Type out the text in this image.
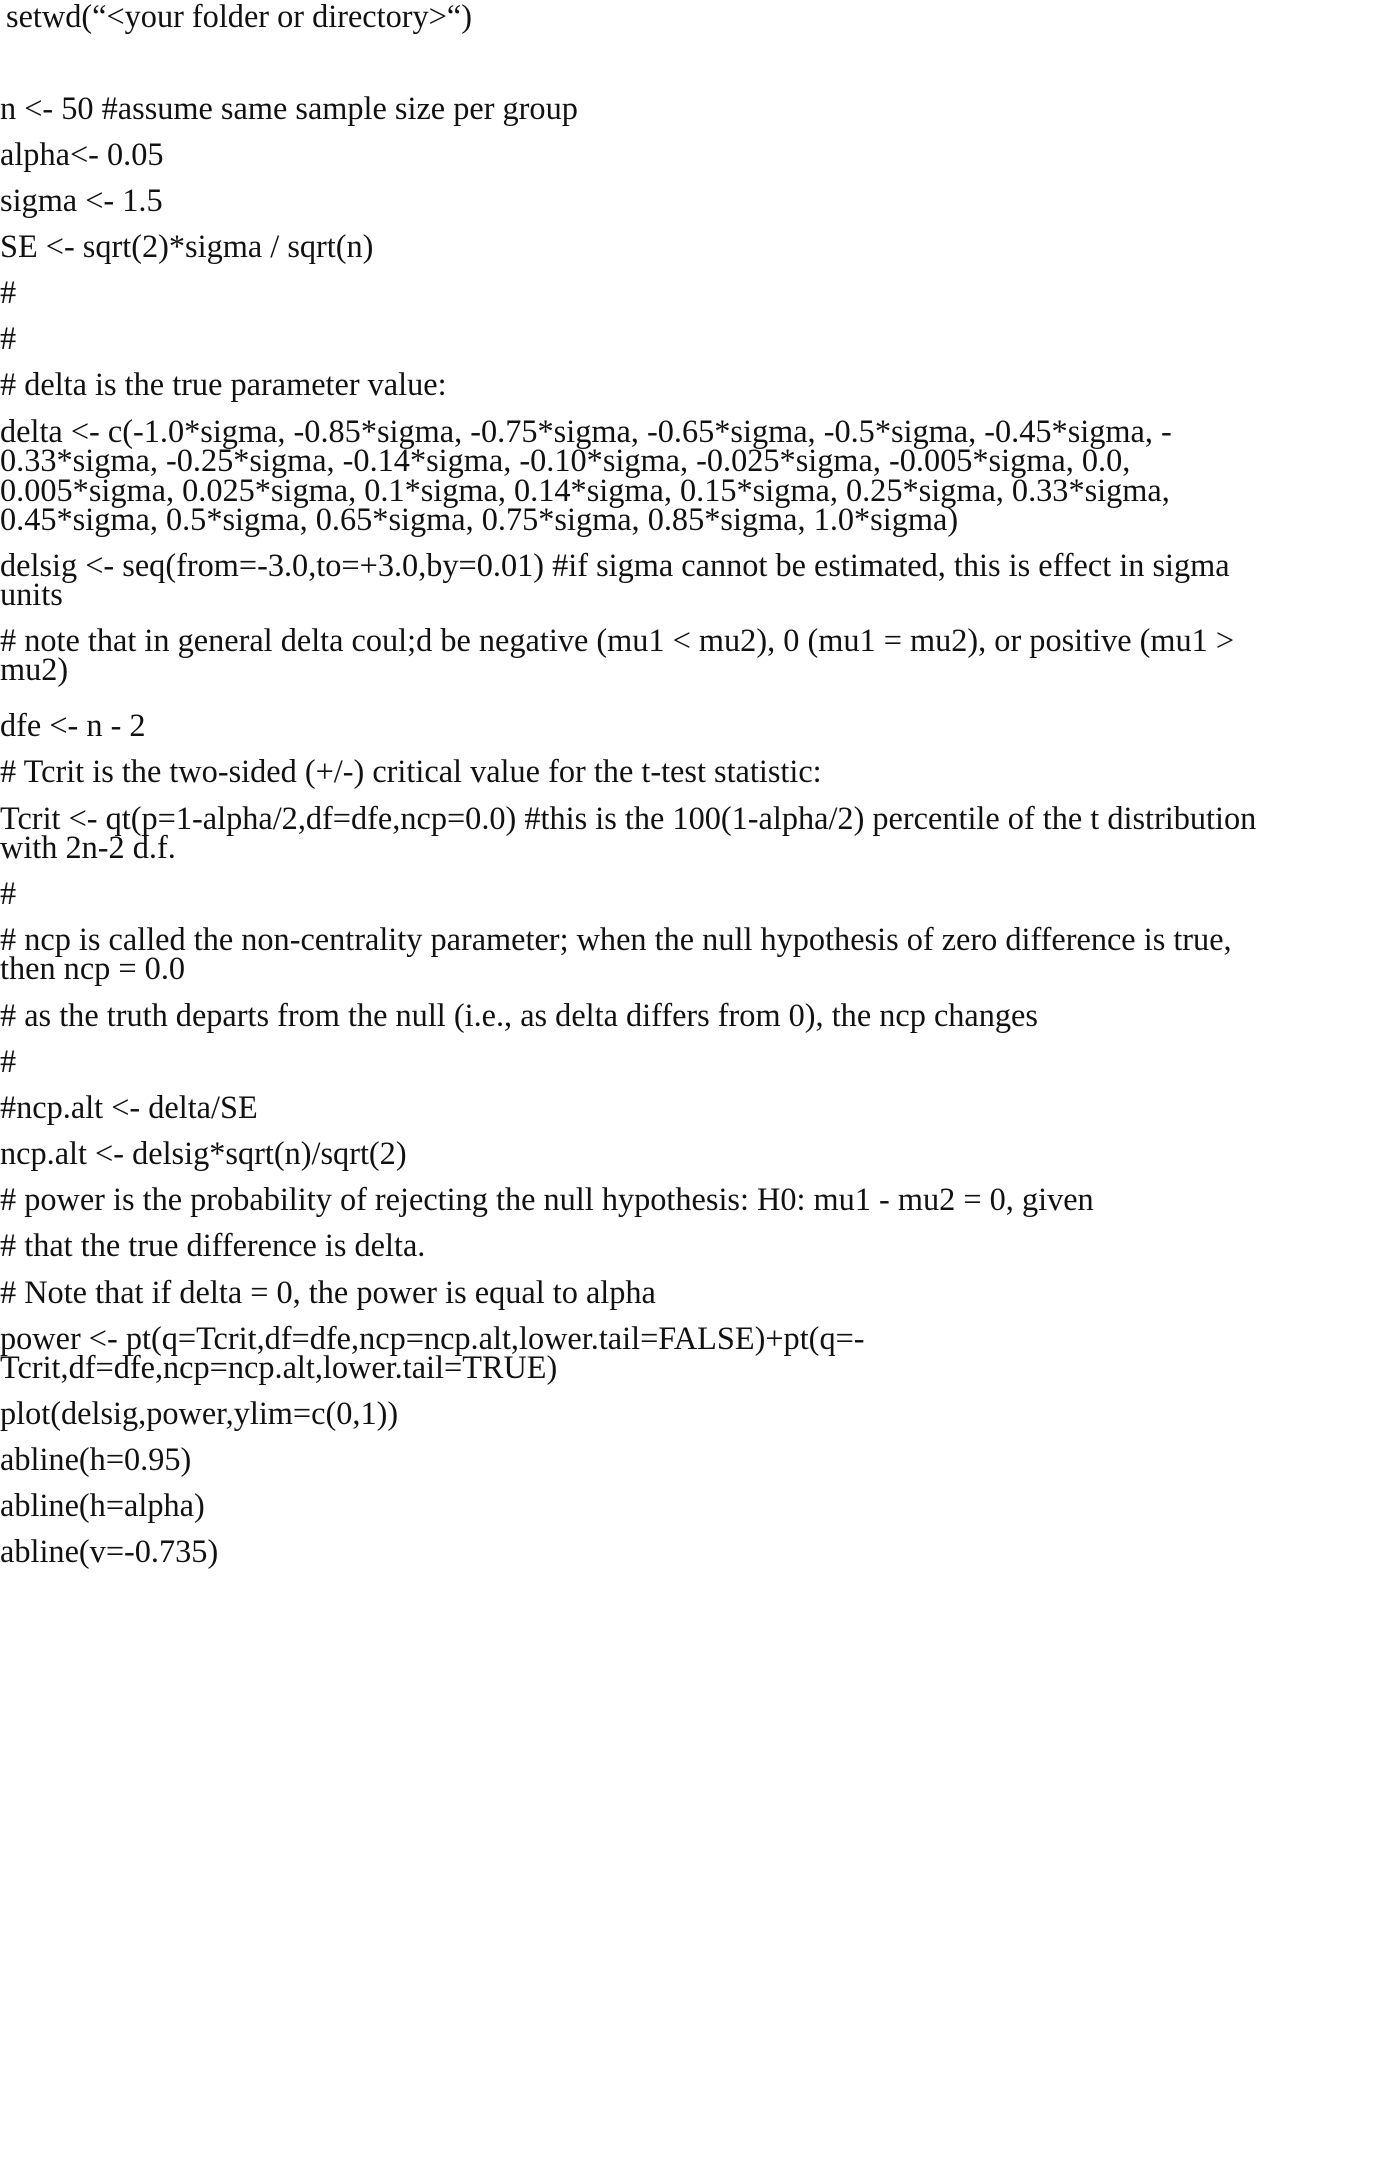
setwd(“<your folder or directory>“)
n <- 50 #assume same sample size per group
alpha<- 0.05
sigma <- 1.5
SE <- sqrt(2)*sigma / sqrt(n)
#
#
# delta is the true parameter value:
delta <- c(-1.0*sigma, -0.85*sigma, -0.75*sigma, -0.65*sigma, -0.5*sigma, -0.45*sigma, -
0.33*sigma, -0.25*sigma, -0.14*sigma, -0.10*sigma, -0.025*sigma, -0.005*sigma, 0.0,
0.005*sigma, 0.025*sigma, 0.1*sigma, 0.14*sigma, 0.15*sigma, 0.25*sigma, 0.33*sigma,
0.45*sigma, 0.5*sigma, 0.65*sigma, 0.75*sigma, 0.85*sigma, 1.0*sigma)
delsig <- seq(from=-3.0,to=+3.0,by=0.01) #if sigma cannot be estimated, this is effect in sigma
units
# note that in general delta coul;d be negative (mu1 < mu2), 0 (mu1 = mu2), or positive (mu1 >
mu2)
dfe <- n - 2
# Tcrit is the two-sided (+/-) critical value for the t-test statistic:
Tcrit <- qt(p=1-alpha/2,df=dfe,ncp=0.0) #this is the 100(1-alpha/2) percentile of the t distribution
with 2n-2 d.f.
#
# ncp is called the non-centrality parameter; when the null hypothesis of zero difference is true,
then ncp = 0.0
# as the truth departs from the null (i.e., as delta differs from 0), the ncp changes
#
#ncp.alt <- delta/SE
ncp.alt <- delsig*sqrt(n)/sqrt(2)
# power is the probability of rejecting the null hypothesis: H0: mu1 - mu2 = 0, given
# that the true difference is delta.
# Note that if delta = 0, the power is equal to alpha
power <- pt(q=Tcrit,df=dfe,ncp=ncp.alt,lower.tail=FALSE)+pt(q=-
Tcrit,df=dfe,ncp=ncp.alt,lower.tail=TRUE)
plot(delsig,power,ylim=c(0,1))
abline(h=0.95)
abline(h=alpha)
abline(v=-0.735)
